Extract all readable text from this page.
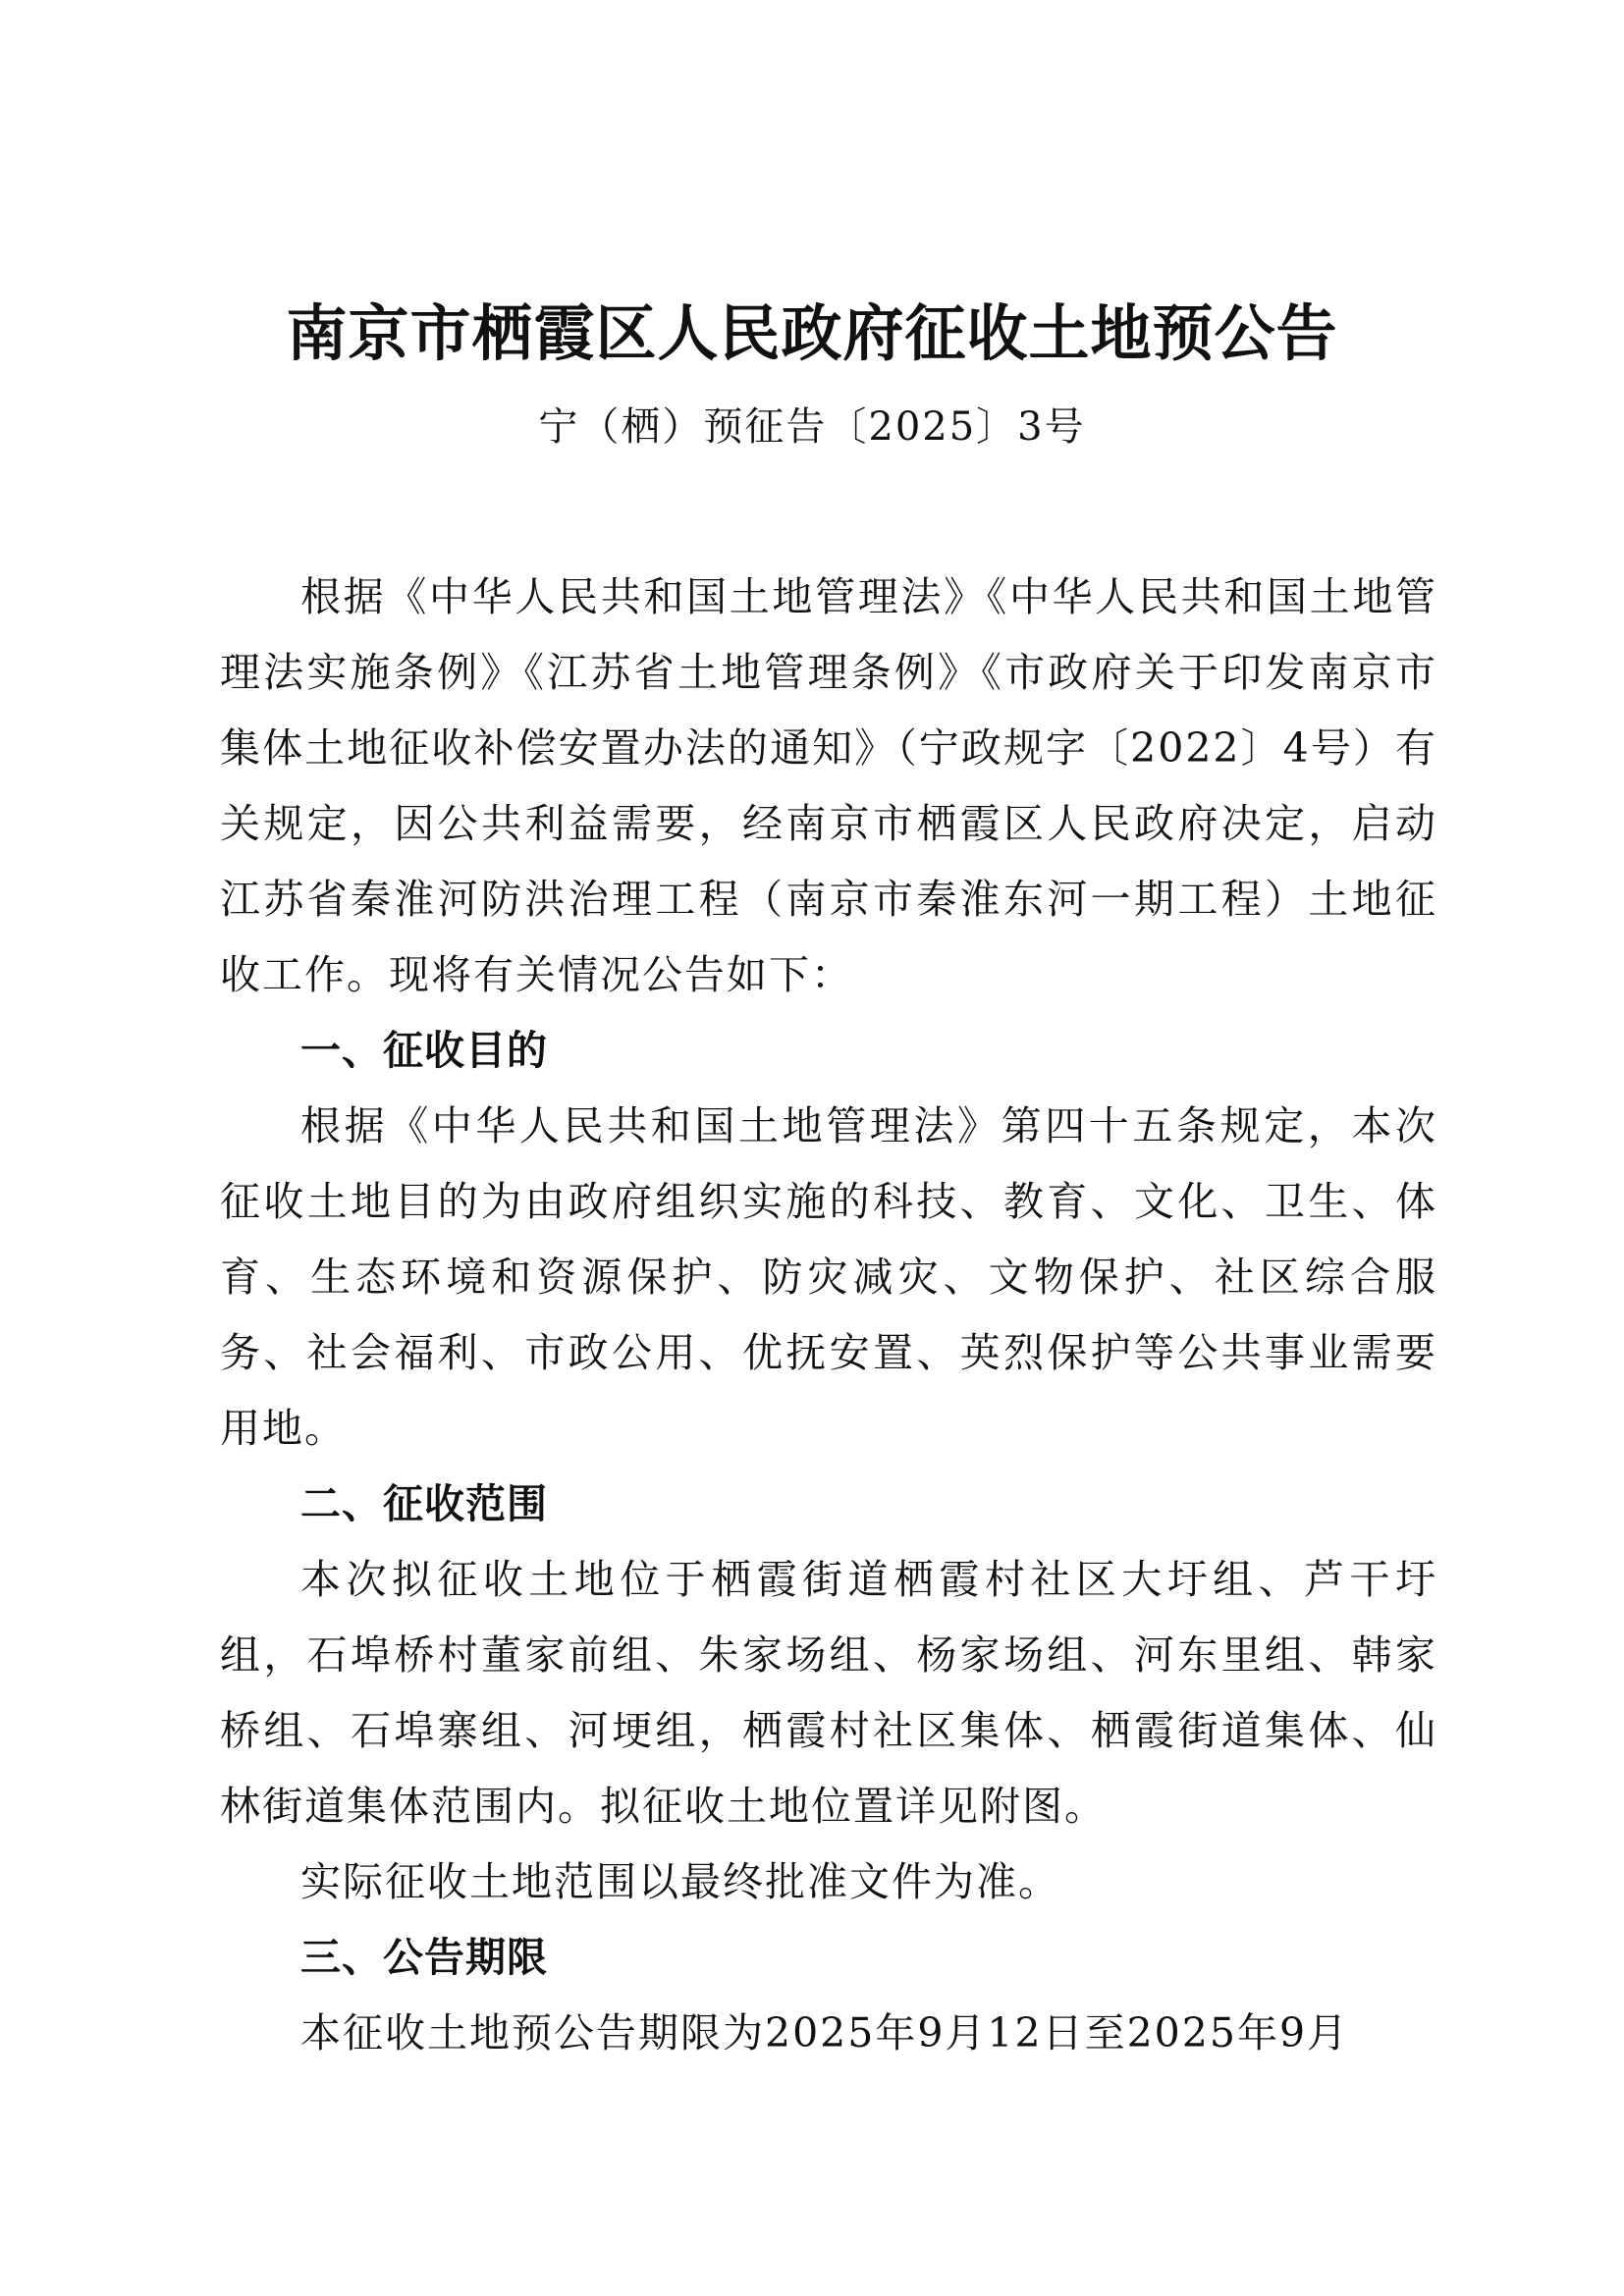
南京市栖霞区人民政府征收土地预公告
宁（栖）预征告〔2025〕3号

根据《中华人民共和国土地管理法》《中华人民共和国土地管理法实施条例》《江苏省土地管理条例》《市政府关于印发南京市集体土地征收补偿安置办法的通知》（宁政规字〔2022〕4号）有关规定，因公共利益需要，经南京市栖霞区人民政府决定，启动江苏省秦淮河防洪治理工程（南京市秦淮东河一期工程）土地征收工作。现将有关情况公告如下：

一、征收目的

根据《中华人民共和国土地管理法》第四十五条规定，本次征收土地目的为由政府组织实施的科技、教育、文化、卫生、体育、生态环境和资源保护、防灾减灾、文物保护、社区综合服务、社会福利、市政公用、优抚安置、英烈保护等公共事业需要用地。

二、征收范围

本次拟征收土地位于栖霞街道栖霞村社区大圩组、芦干圩组，石埠桥村董家前组、朱家场组、杨家场组、河东里组、韩家桥组、石埠寨组、河埂组，栖霞村社区集体、栖霞街道集体、仙林街道集体范围内。拟征收土地位置详见附图。

实际征收土地范围以最终批准文件为准。

三、公告期限

本征收土地预公告期限为2025年9月12日至2025年9月
